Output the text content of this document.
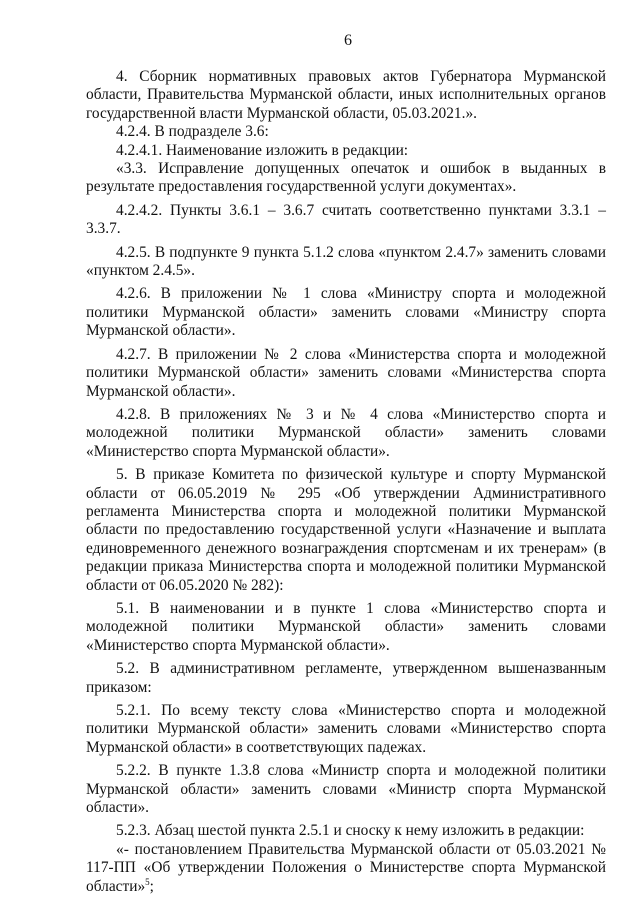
6

4. Сборник нормативных правовых актов Губернатора Мурманской области, Правительства Мурманской области, иных исполнительных органов государственной власти Мурманской области, 05.03.2021.».

4.2.4. В подразделе 3.6:

4.2.4.1. Наименование изложить в редакции:

«3.3. Исправление допущенных опечаток и ошибок в выданных в результате предоставления государственной услуги документах».

4.2.4.2. Пункты 3.6.1 – 3.6.7 считать соответственно пунктами 3.3.1 – 3.3.7.

4.2.5. В подпункте 9 пункта 5.1.2 слова «пунктом 2.4.7» заменить словами «пунктом 2.4.5».

4.2.6. В приложении № 1 слова «Министру спорта и молодежной политики Мурманской области» заменить словами «Министру спорта Мурманской области».

4.2.7. В приложении № 2 слова «Министерства спорта и молодежной политики Мурманской области» заменить словами «Министерства спорта Мурманской области».

4.2.8. В приложениях № 3 и № 4 слова «Министерство спорта и молодежной политики Мурманской области» заменить словами «Министерство спорта Мурманской области».

5. В приказе Комитета по физической культуре и спорту Мурманской области от 06.05.2019 № 295 «Об утверждении Административного регламента Министерства спорта и молодежной политики Мурманской области по предоставлению государственной услуги «Назначение и выплата единовременного денежного вознаграждения спортсменам и их тренерам» (в редакции приказа Министерства спорта и молодежной политики Мурманской области от 06.05.2020 № 282):

5.1. В наименовании и в пункте 1 слова «Министерство спорта и молодежной политики Мурманской области» заменить словами «Министерство спорта Мурманской области».

5.2. В административном регламенте, утвержденном вышеназванным приказом:

5.2.1. По всему тексту слова «Министерство спорта и молодежной политики Мурманской области» заменить словами «Министерство спорта Мурманской области» в соответствующих падежах.

5.2.2. В пункте 1.3.8 слова «Министр спорта и молодежной политики Мурманской области» заменить словами «Министр спорта Мурманской области».

5.2.3. Абзац шестой пункта 2.5.1 и сноску к нему изложить в редакции:

«- постановлением Правительства Мурманской области от 05.03.2021 № 117-ПП «Об утверждении Положения о Министерстве спорта Мурманской области»$^5$;
